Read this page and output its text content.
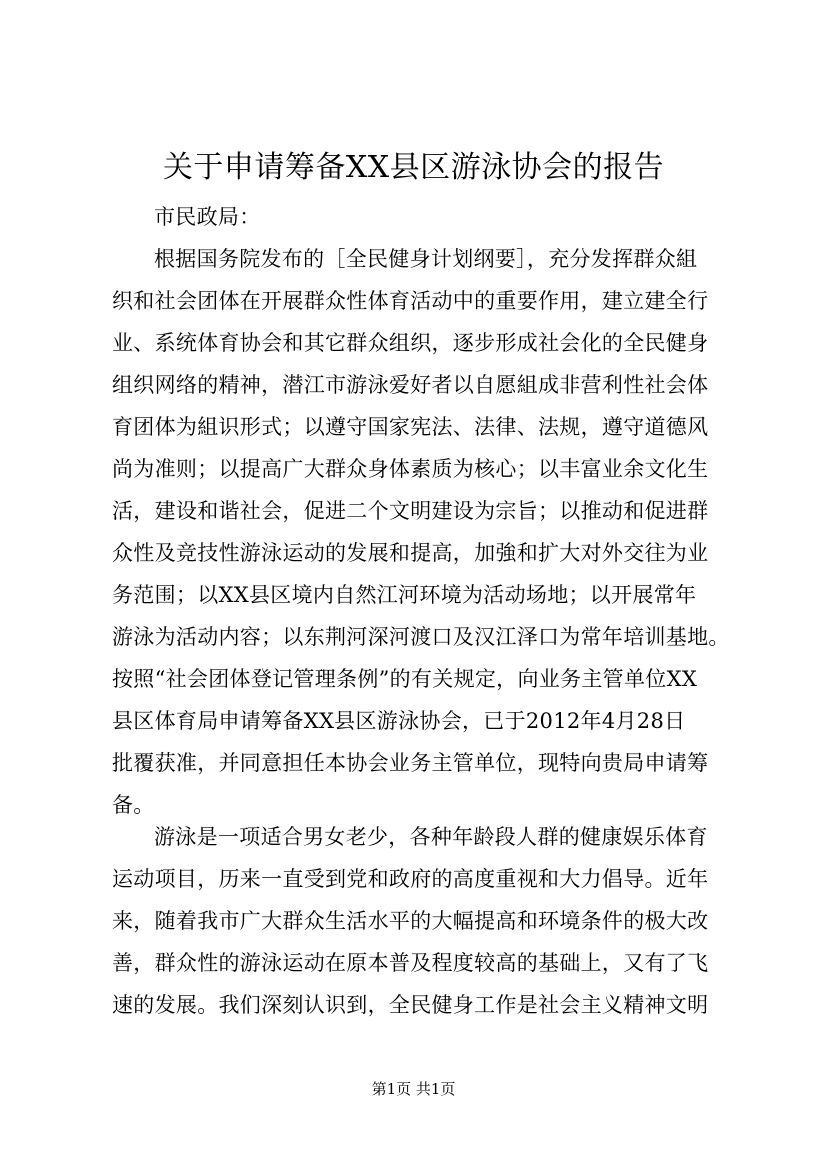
关于申请筹备XX县区游泳协会的报告
市民政局：
根据国务院发布的［全民健身计划纲要］，充分发挥群众組
织和社会团体在开展群众性体育活动中的重要作用，建立建全行
业、系统体育协会和其它群众组织，逐步形成社会化的全民健身
组织网络的精神，潜江市游泳爱好者以自愿組成非营利性社会体
育团体为組识形式；以遵守国家宪法、法律、法规，遵守道德风
尚为准则；以提高广大群众身体素质为核心；以丰富业余文化生
活，建设和谐社会，促进二个文明建设为宗旨；以推动和促进群
众性及竞技性游泳运动的发展和提高，加強和扩大对外交往为业
务范围；以XX县区境内自然江河环境为活动场地；以开展常年
游泳为活动内容；以东荆河深河渡口及汉江泽口为常年培训基地。
按照“社会团体登记管理条例”的有关规定，向业务主管单位XX
县区体育局申请筹备XX县区游泳协会，已于2012年4月28日
批覆获准，并同意担任本协会业务主管单位，现特向贵局申请筹
备。
游泳是一项适合男女老少，各种年龄段人群的健康娱乐体育
运动项目，历来一直受到党和政府的高度重视和大力倡导。近年
来，随着我市广大群众生活水平的大幅提高和环境条件的极大改
善，群众性的游泳运动在原本普及程度较高的基础上，又有了飞
速的发展。我们深刻认识到，全民健身工作是社会主义精神文明
第1页 共1页
